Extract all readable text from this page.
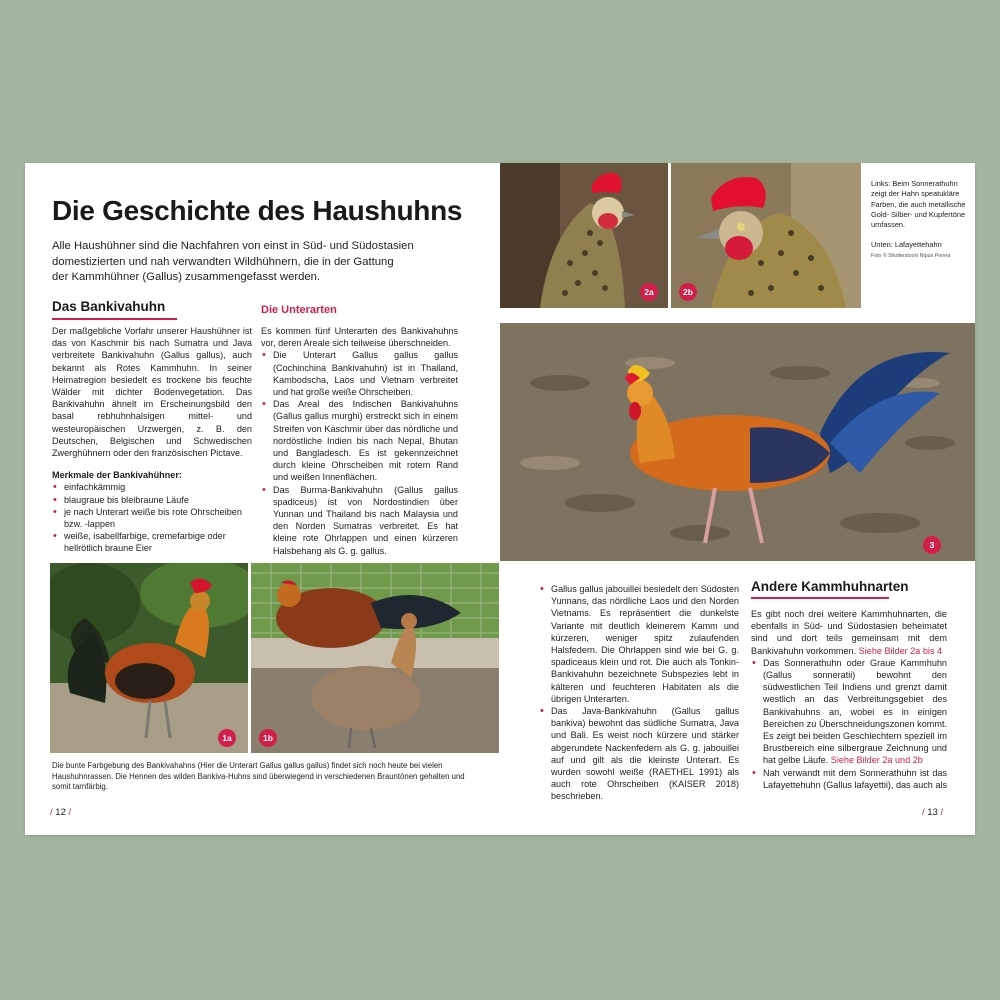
Die Geschichte des Haushuhns
Alle Haushühner sind die Nachfahren von einst in Süd- und Südostasien
domestizierten und nah verwandten Wildhühnern, die in der Gattung
der Kammhühner (Gallus) zusammengefasst werden.
Das Bankivahuhn

Der maßgebliche Vorfahr unserer Haushühner ist das von Kaschmir bis nach Sumatra und Java verbreitete Bankivahuhn (Gallus gallus), auch bekannt als Rotes Kammhuhn. In seiner Heimatregion besiedelt es trockene bis feuchte Wälder mit dichter Bodenvegetation. Das Bankivahuhn ähnelt im Erscheinungsbild den basal rebhuhnhalsigen mittel- und westeuropäischen Urzwergen, z. B. den Deutschen, Belgischen und Schwedischen Zwerghühnern oder den französischen Pictave.

Merkmale der Bankivahühner:

• einfachkämmig
• blaugraue bis bleibraune Läufe
• je nach Unterart weiße bis rote Ohrscheiben bzw. -lappen
• weiße, isabellfarbige, cremefarbige oder hellrötlich braune Eier
Die Unterarten

Es kommen fünf Unterarten des Bankivahuhns vor, deren Areale sich teilweise überschneiden.

• Die Unterart Gallus gallus gallus (Cochinchina Bankivahuhn) ist in Thailand, Kambodscha, Laos und Vietnam verbreitet und hat große weiße Ohrscheiben.
• Das Areal des Indischen Bankivahuhns (Gallus gallus murghi) erstreckt sich in einem Streifen von Kaschmir über das nördliche und nordöstliche Indien bis nach Nepal, Bhutan und Bangladesch. Es ist gekennzeichnet durch kleine Ohrscheiben mit rotem Rand und weißen Innenflächen.
• Das Burma-Bankivahuhn (Gallus gallus spadiceus) ist von Nordostindien über Yunnan und Thailand bis nach Malaysia und den Norden Sumatras verbreitet. Es hat kleine rote Ohrlappen und einen kürzeren Halsbehang als G. g. gallus.
1a	1b
Die bunte Farbgebung des Bankivahahns (Hier die Unterart Gallus gallus gallus) findet sich noch heute bei vielen Haushuhnrassen. Die Hennen des wilden Bankiva-Huhns sind überwiegend in verschiedenen Brauntönen gehalten und somit tarnfärbig.
/ 12 /
2a	2b
Links: Beim Sonnerathuhn zeigt der Hahn speatukläre Farben, die auch metallische Gold- Silber- und Kupfertöne umfassen.
Unten: Lafayettehahn
Foto © Shutterstock/ Nipun Perera
3
• Gallus gallus jabouillei besiedelt den Südosten Yunnans, das nördliche Laos und den Norden Vietnams. Es repräsentiert die dunkelste Variante mit deutlich kleinerem Kamm und kürzeren, weniger spitz zulaufenden Halsfedern. Die Ohrlappen sind wie bei G. g. spadiceaus klein und rot. Die auch als Tonkin-Bankivahuhn bezeichnete Subspezies lebt in kälteren und feuchteren Habitaten als die übrigen Unterarten.
• Das Java-Bankivahuhn (Gallus gallus bankiva) bewohnt das südliche Sumatra, Java und Bali. Es weist noch kürzere und stärker abgerundete Nackenfedern als G. g. jabouillei auf und gilt als die kleinste Unterart. Es wurden sowohl weiße (RAETHEL 1991) als auch rote Ohrscheiben (KAISER 2018) beschrieben.
Andere Kammhuhnarten

Es gibt noch drei weitere Kammhuhnarten, die ebenfalls in Süd- und Südostasien beheimatet sind und dort teils gemeinsam mit dem Bankivahuhn vorkommen. Siehe Bilder 2a bis 4

• Das Sonnerathuhn oder Graue Kammhuhn (Gallus sonneratii) bewohnt den südwestlichen Teil Indiens und grenzt damit westlich an das Verbreitungsgebiet des Bankivahuhns an, wobei es in einigen Bereichen zu Überschneidungszonen kommt. Es zeigt bei beiden Geschlechtern speziell im Brustbereich eine silbergraue Zeichnung und hat gelbe Läufe. Siehe Bilder 2a und 2b
• Nah verwandt mit dem Sonnerathuhn ist das Lafayettehuhn (Gallus lafayettii), das auch als
/ 13 /
